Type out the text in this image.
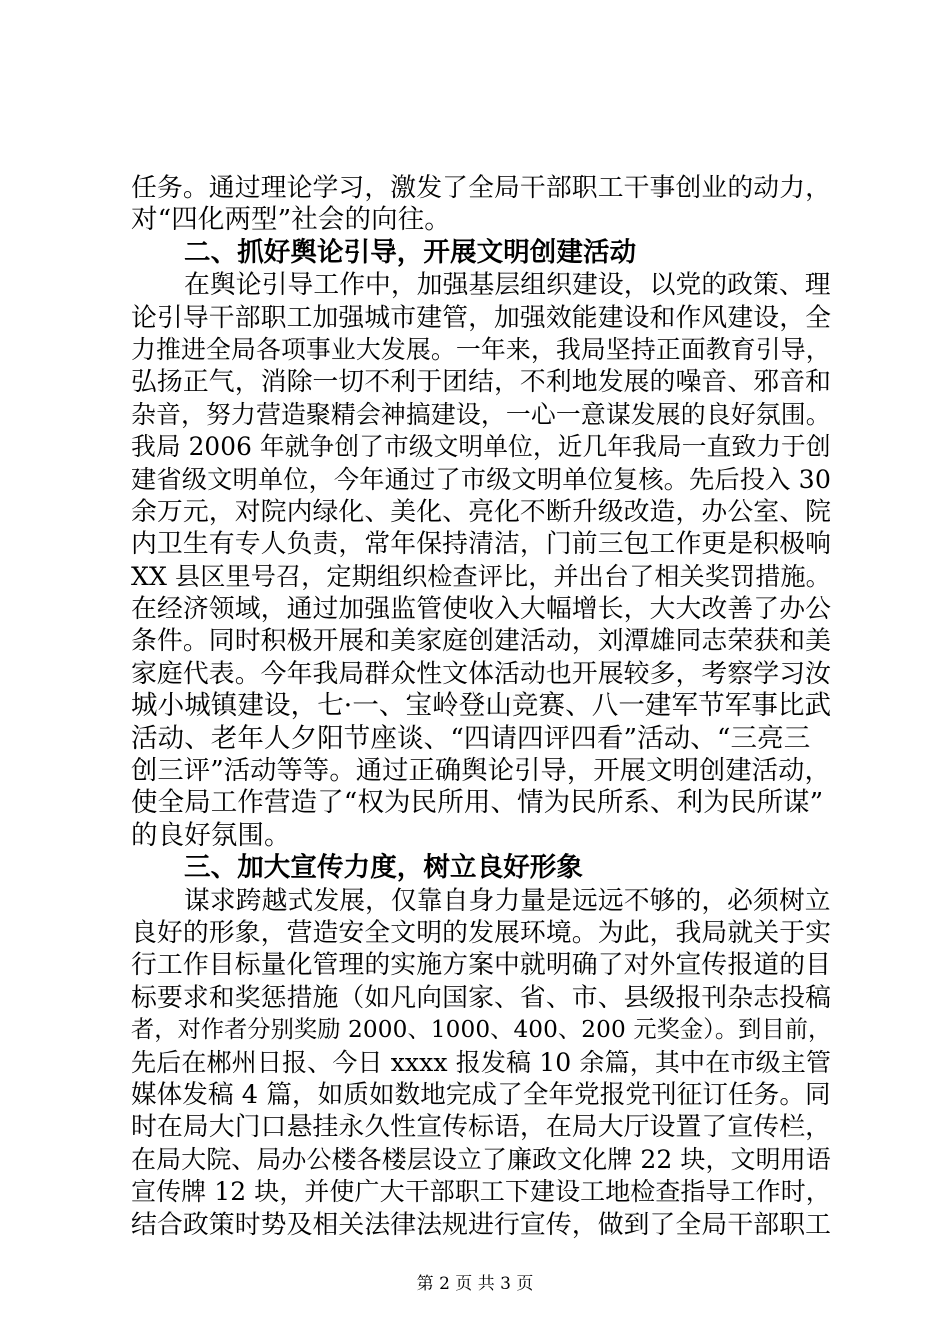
任务。通过理论学习，激发了全局干部职工干事创业的动力，
对“四化两型”社会的向往。
二、抓好舆论引导，开展文明创建活动
在舆论引导工作中，加强基层组织建设，以党的政策、理
论引导干部职工加强城市建管，加强效能建设和作风建设，全
力推进全局各项事业大发展。一年来，我局坚持正面教育引导，
弘扬正气，消除一切不利于团结，不利地发展的噪音、邪音和
杂音，努力营造聚精会神搞建设，一心一意谋发展的良好氛围。
我局 2006 年就争创了市级文明单位，近几年我局一直致力于创
建省级文明单位，今年通过了市级文明单位复核。先后投入 30
余万元，对院内绿化、美化、亮化不断升级改造，办公室、院
内卫生有专人负责，常年保持清洁，门前三包工作更是积极响
XX 县区里号召，定期组织检查评比，并出台了相关奖罚措施。
在经济领域，通过加强监管使收入大幅增长，大大改善了办公
条件。同时积极开展和美家庭创建活动，刘潭雄同志荣获和美
家庭代表。今年我局群众性文体活动也开展较多，考察学习汝
城小城镇建设，七·一、宝岭登山竞赛、八一建军节军事比武
活动、老年人夕阳节座谈、“四请四评四看”活动、“三亮三
创三评”活动等等。通过正确舆论引导，开展文明创建活动，
使全局工作营造了“权为民所用、情为民所系、利为民所谋”
的良好氛围。
三、加大宣传力度，树立良好形象
谋求跨越式发展，仅靠自身力量是远远不够的，必须树立
良好的形象，营造安全文明的发展环境。为此，我局就关于实
行工作目标量化管理的实施方案中就明确了对外宣传报道的目
标要求和奖惩措施（如凡向国家、省、市、县级报刊杂志投稿
者，对作者分别奖励 2000、1000、400、200 元奖金）。到目前，
先后在郴州日报、今日 xxxx 报发稿 10 余篇，其中在市级主管
媒体发稿 4 篇，如质如数地完成了全年党报党刊征订任务。同
时在局大门口悬挂永久性宣传标语，在局大厅设置了宣传栏，
在局大院、局办公楼各楼层设立了廉政文化牌 22 块，文明用语
宣传牌 12 块，并使广大干部职工下建设工地检查指导工作时，
结合政策时势及相关法律法规进行宣传，做到了全局干部职工
第 2 页 共 3 页
